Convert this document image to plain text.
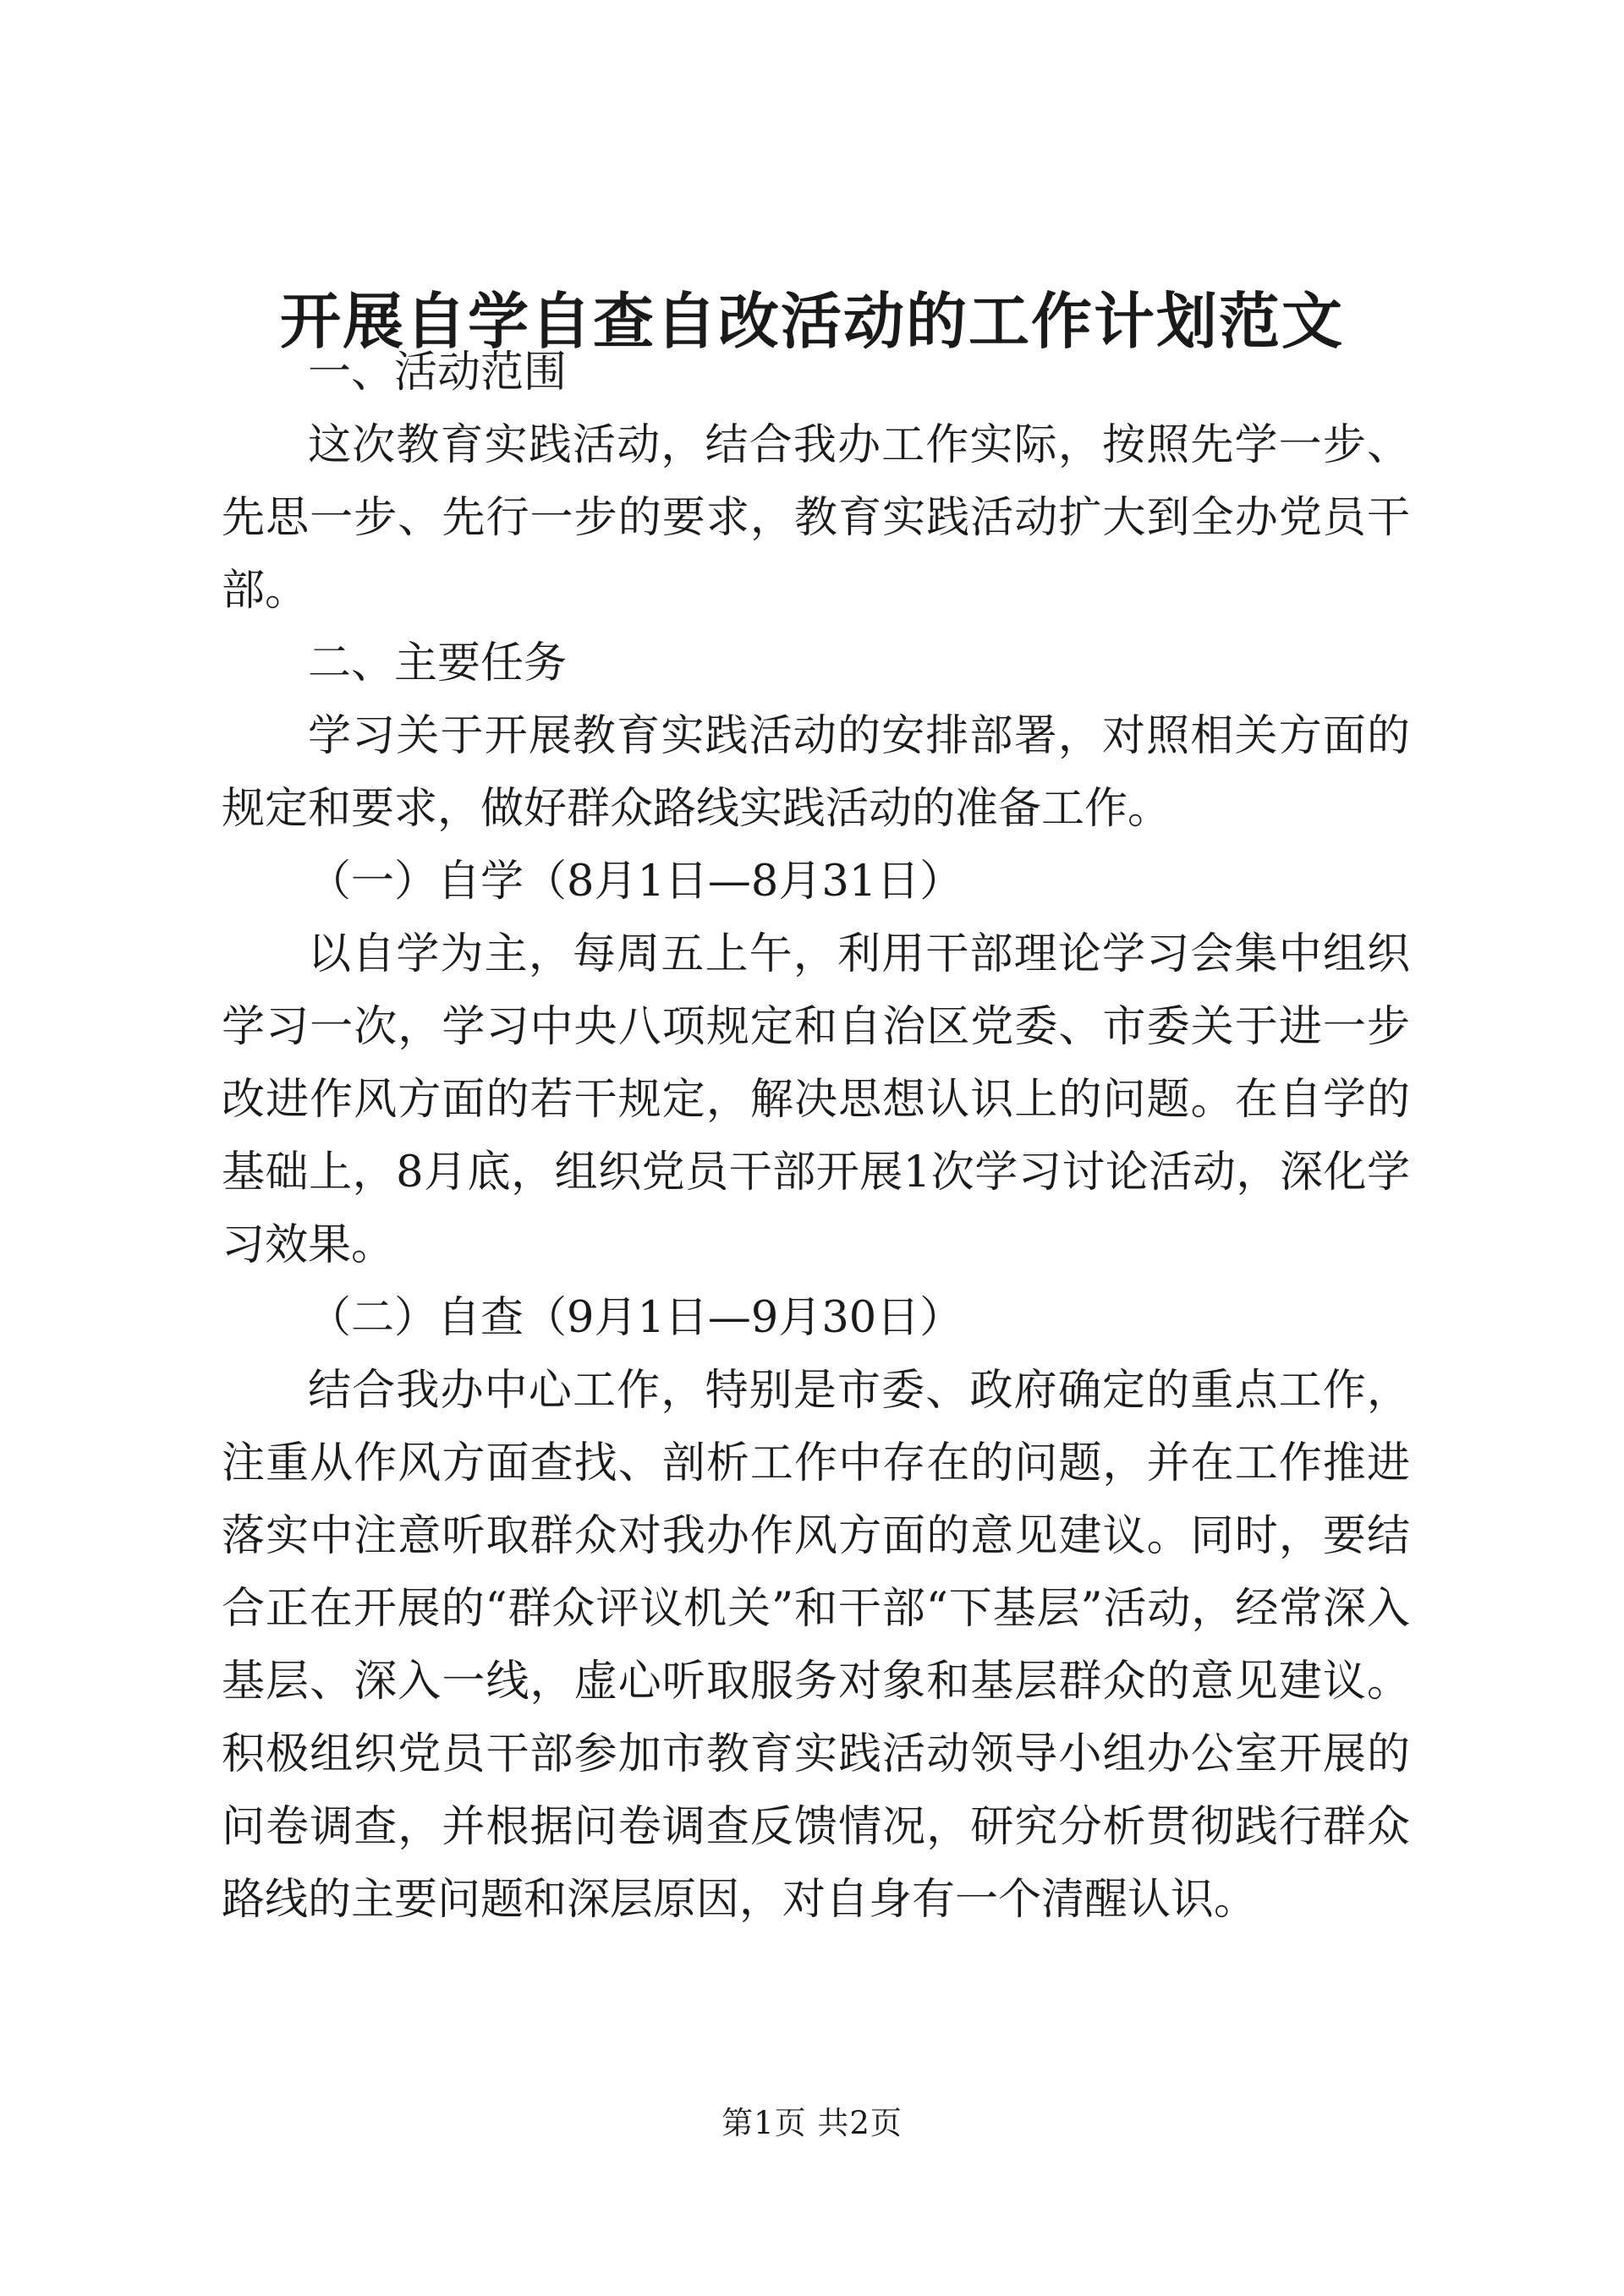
开展自学自查自改活动的工作计划范文

一、活动范围

这次教育实践活动，结合我办工作实际，按照先学一步、先思一步、先行一步的要求，教育实践活动扩大到全办党员干部。

二、主要任务

学习关于开展教育实践活动的安排部署，对照相关方面的规定和要求，做好群众路线实践活动的准备工作。

（一）自学（8月1日—8月31日）

以自学为主，每周五上午，利用干部理论学习会集中组织学习一次，学习中央八项规定和自治区党委、市委关于进一步改进作风方面的若干规定，解决思想认识上的问题。在自学的基础上，8月底，组织党员干部开展1次学习讨论活动，深化学习效果。

（二）自查（9月1日—9月30日）

结合我办中心工作，特别是市委、政府确定的重点工作，注重从作风方面查找、剖析工作中存在的问题，并在工作推进落实中注意听取群众对我办作风方面的意见建议。同时，要结合正在开展的“群众评议机关”和干部“下基层”活动，经常深入基层、深入一线，虚心听取服务对象和基层群众的意见建议。积极组织党员干部参加市教育实践活动领导小组办公室开展的问卷调查，并根据问卷调查反馈情况，研究分析贯彻践行群众路线的主要问题和深层原因，对自身有一个清醒认识。

第1页 共2页
